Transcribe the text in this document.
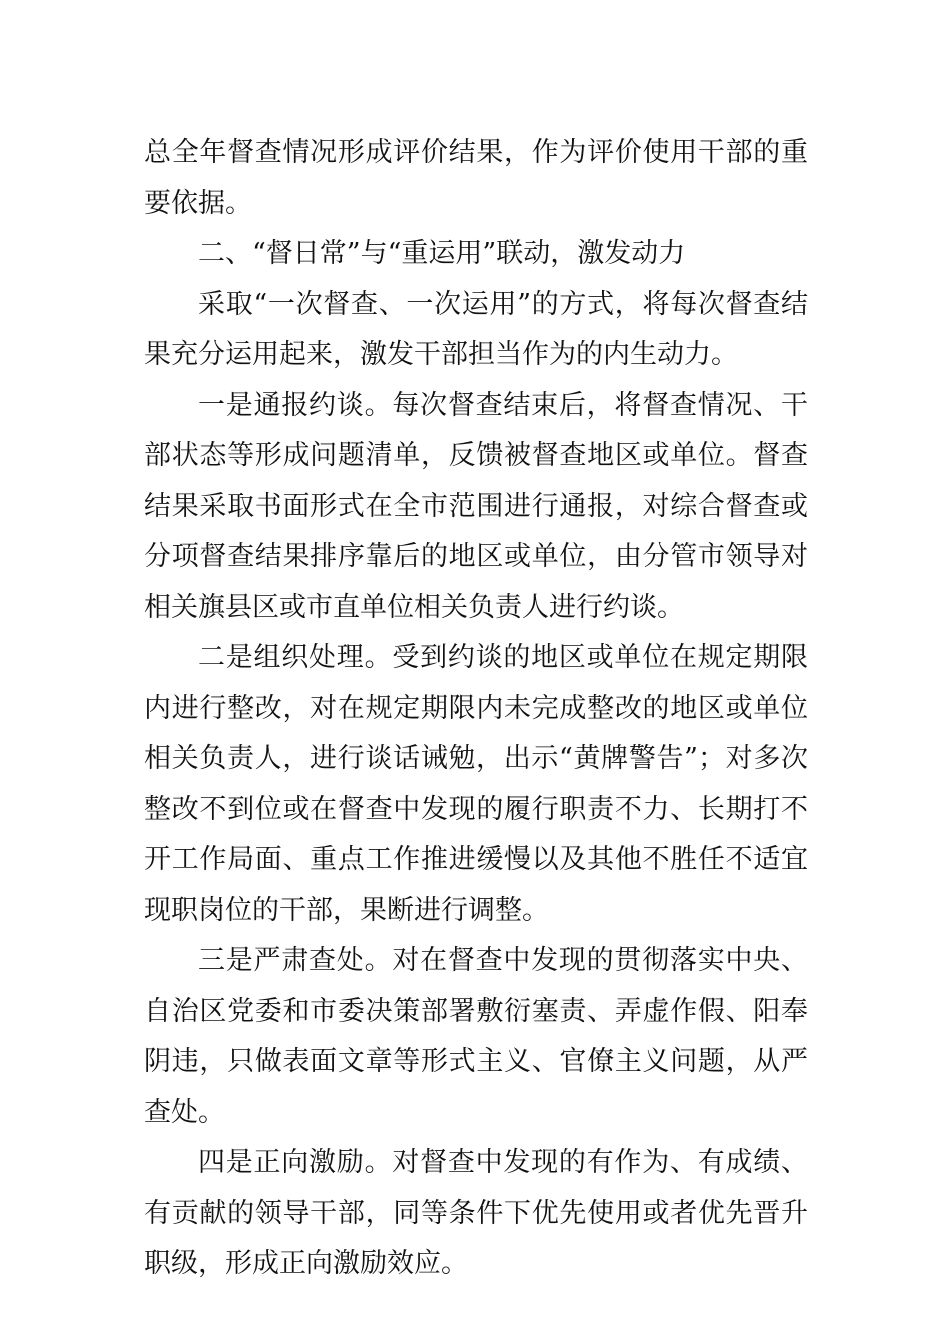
总全年督查情况形成评价结果，作为评价使用干部的重要依据。

二、“督日常”与“重运用”联动，激发动力

采取“一次督查、一次运用”的方式，将每次督查结果充分运用起来，激发干部担当作为的内生动力。

一是通报约谈。每次督查结束后，将督查情况、干部状态等形成问题清单，反馈被督查地区或单位。督查结果采取书面形式在全市范围进行通报，对综合督查或分项督查结果排序靠后的地区或单位，由分管市领导对相关旗县区或市直单位相关负责人进行约谈。

二是组织处理。受到约谈的地区或单位在规定期限内进行整改，对在规定期限内未完成整改的地区或单位相关负责人，进行谈话诫勉，出示“黄牌警告”；对多次整改不到位或在督查中发现的履行职责不力、长期打不开工作局面、重点工作推进缓慢以及其他不胜任不适宜现职岗位的干部，果断进行调整。

三是严肃查处。对在督查中发现的贯彻落实中央、自治区党委和市委决策部署敷衍塞责、弄虚作假、阳奉阴违，只做表面文章等形式主义、官僚主义问题，从严查处。

四是正向激励。对督查中发现的有作为、有成绩、有贡献的领导干部，同等条件下优先使用或者优先晋升职级，形成正向激励效应。
